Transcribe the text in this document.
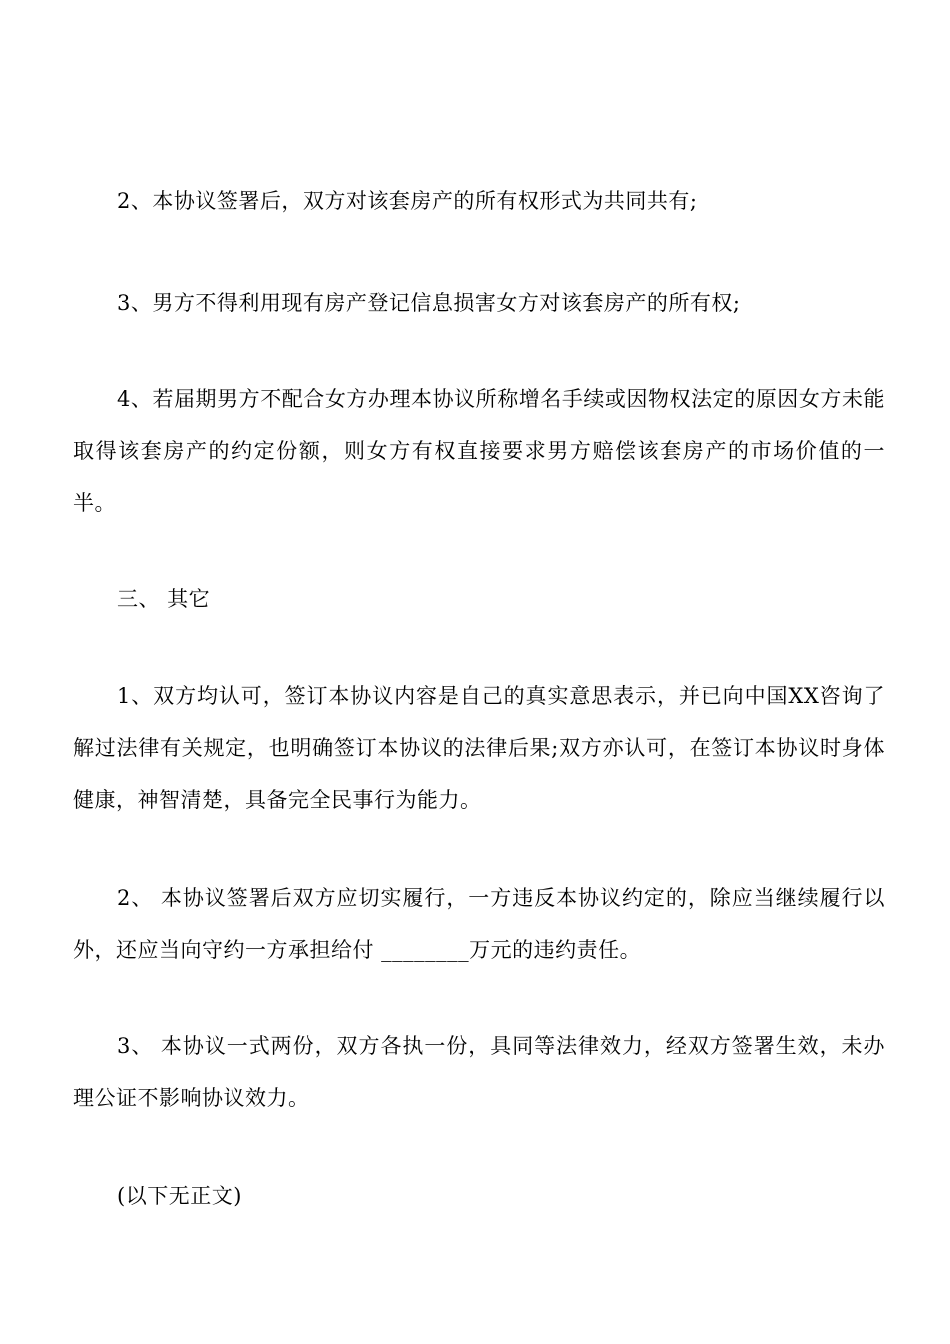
2、本协议签署后，双方对该套房产的所有权形式为共同共有;

3、男方不得利用现有房产登记信息损害女方对该套房产的所有权;

4、若届期男方不配合女方办理本协议所称增名手续或因物权法定的原因女方未能取得该套房产的约定份额，则女方有权直接要求男方赔偿该套房产的市场价值的一半。

三、 其它

1、双方均认可，签订本协议内容是自己的真实意思表示，并已向中国XX咨询了解过法律有关规定，也明确签订本协议的法律后果;双方亦认可，在签订本协议时身体健康，神智清楚，具备完全民事行为能力。

2、 本协议签署后双方应切实履行，一方违反本协议约定的，除应当继续履行以外，还应当向守约一方承担给付 ________万元的违约责任。

3、 本协议一式两份，双方各执一份，具同等法律效力，经双方签署生效，未办理公证不影响协议效力。

(以下无正文)
